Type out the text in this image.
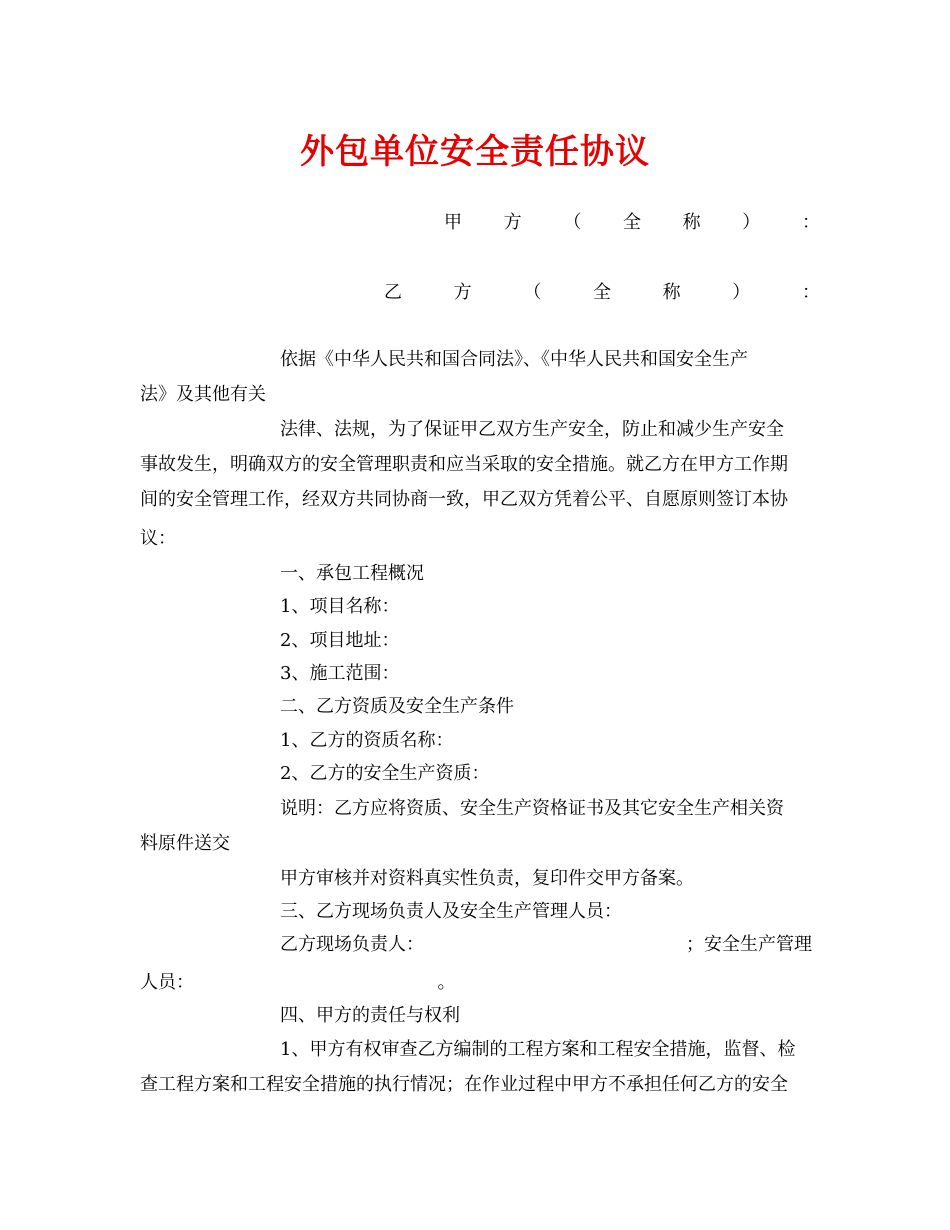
外包单位安全责任协议
甲 方 （ 全 称 ） ：
乙	方	（	全	称	）	：
依据《中华人民共和国合同法》、《中华人民共和国安全生产
法》及其他有关
法律、法规，为了保证甲乙双方生产安全，防止和减少生产安全
事故发生，明确双方的安全管理职责和应当采取的安全措施。就乙方在甲方工作期
间的安全管理工作，经双方共同协商一致，甲乙双方凭着公平、自愿原则签订本协
议：
一、承包工程概况
1、项目名称：
2、项目地址：
3、施工范围：
二、乙方资质及安全生产条件
1、乙方的资质名称：
2、乙方的安全生产资质：
说明：乙方应将资质、安全生产资格证书及其它安全生产相关资
料原件送交
甲方审核并对资料真实性负责，复印件交甲方备案。
三、乙方现场负责人及安全生产管理人员：
乙方现场负责人：	；安全生产管理
人员：	。
四、甲方的责任与权利
1、甲方有权审查乙方编制的工程方案和工程安全措施，监督、检
查工程方案和工程安全措施的执行情况；在作业过程中甲方不承担任何乙方的安全
